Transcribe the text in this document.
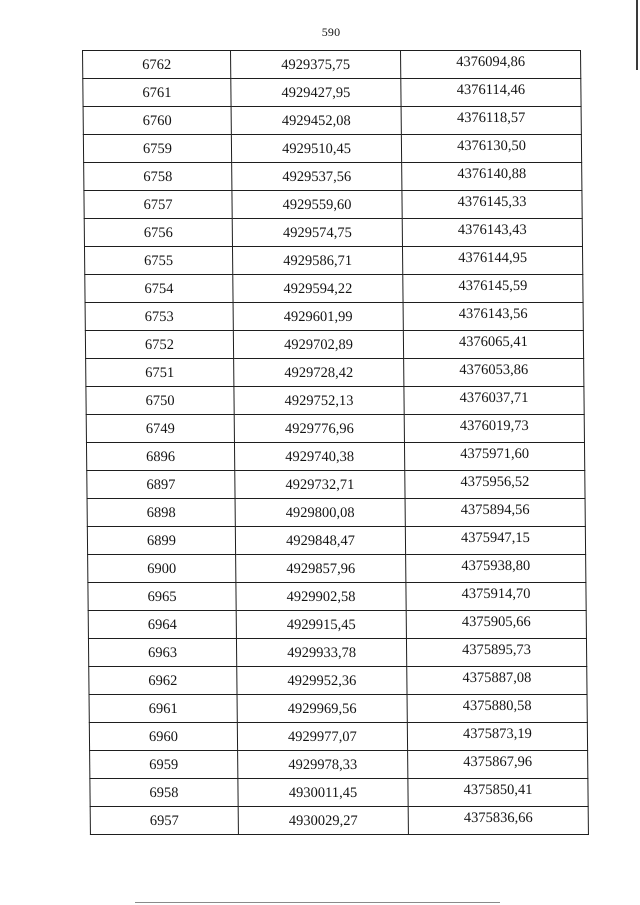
590
6762	4929375,75	4376094,86
6761	4929427,95	4376114,46
6760	4929452,08	4376118,57
6759	4929510,45	4376130,50
6758	4929537,56	4376140,88
6757	4929559,60	4376145,33
6756	4929574,75	4376143,43
6755	4929586,71	4376144,95
6754	4929594,22	4376145,59
6753	4929601,99	4376143,56
6752	4929702,89	4376065,41
6751	4929728,42	4376053,86
6750	4929752,13	4376037,71
6749	4929776,96	4376019,73
6896	4929740,38	4375971,60
6897	4929732,71	4375956,52
6898	4929800,08	4375894,56
6899	4929848,47	4375947,15
6900	4929857,96	4375938,80
6965	4929902,58	4375914,70
6964	4929915,45	4375905,66
6963	4929933,78	4375895,73
6962	4929952,36	4375887,08
6961	4929969,56	4375880,58
6960	4929977,07	4375873,19
6959	4929978,33	4375867,96
6958	4930011,45	4375850,41
6957	4930029,27	4375836,66
